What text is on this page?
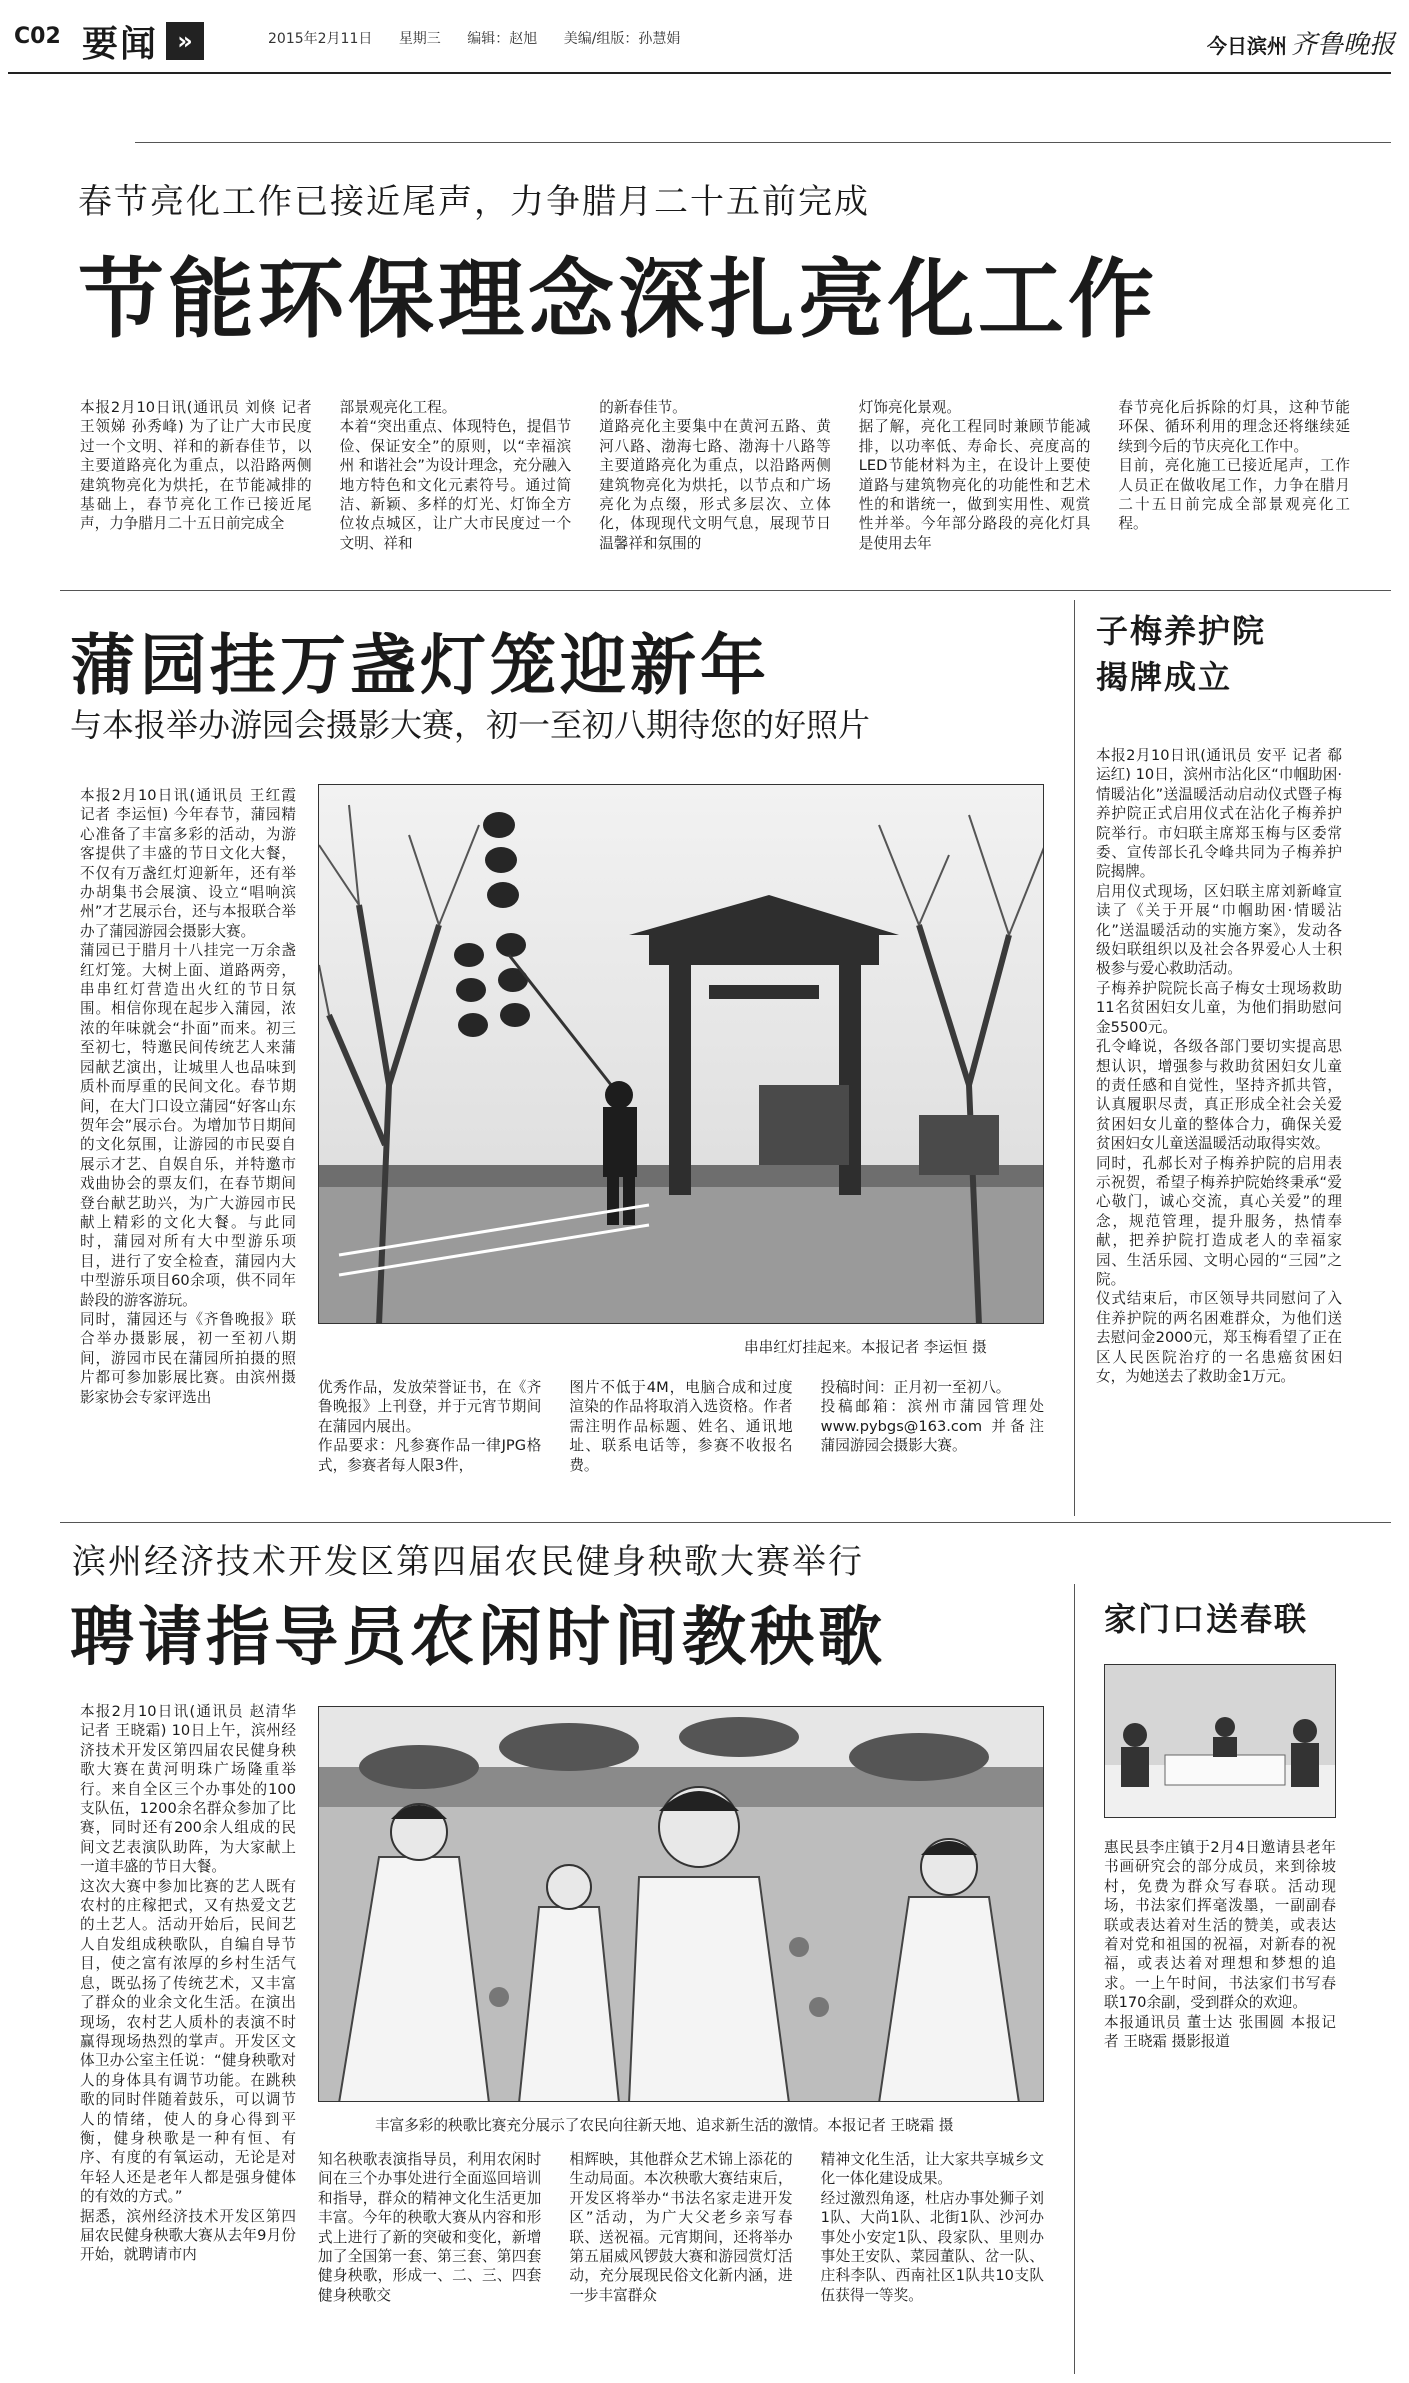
C02 要闻 »	2015年2月11日 星期三 编辑：赵旭 美编/组版：孙慧娟	今日滨州 齐鲁晚报
春节亮化工作已接近尾声，力争腊月二十五前完成
节能环保理念深扎亮化工作
本报2月10日讯(通讯员 刘倏 记者 王领娣 孙秀峰) 为了让广大市民度过一个文明、祥和的新春佳节，以主要道路亮化为重点，以沿路两侧建筑物亮化为烘托，在节能减排的基础上，春节亮化工作已接近尾声，力争腊月二十五日前完成全
部景观亮化工程。
本着“突出重点、体现特色，提倡节俭、保证安全”的原则，以“幸福滨州 和谐社会”为设计理念，充分融入地方特色和文化元素符号。通过简洁、新颖、多样的灯光、灯饰全方位妆点城区，让广大市民度过一个文明、祥和
的新春佳节。
道路亮化主要集中在黄河五路、黄河八路、渤海七路、渤海十八路等主要道路亮化为重点，以沿路两侧建筑物亮化为烘托，以节点和广场亮化为点缀，形式多层次、立体化，体现现代文明气息，展现节日温馨祥和氛围的
灯饰亮化景观。
据了解，亮化工程同时兼顾节能减排，以功率低、寿命长、亮度高的LED节能材料为主，在设计上要使道路与建筑物亮化的功能性和艺术性的和谐统一，做到实用性、观赏性并举。今年部分路段的亮化灯具是使用去年
春节亮化后拆除的灯具，这种节能环保、循环利用的理念还将继续延续到今后的节庆亮化工作中。
目前，亮化施工已接近尾声，工作人员正在做收尾工作，力争在腊月二十五日前完成全部景观亮化工程。
蒲园挂万盏灯笼迎新年
与本报举办游园会摄影大赛，初一至初八期待您的好照片
本报2月10日讯(通讯员 王红霞 记者 李运恒) 今年春节，蒲园精心准备了丰富多彩的活动，为游客提供了丰盛的节日文化大餐，不仅有万盏红灯迎新年，还有举办胡集书会展演、设立“唱响滨州”才艺展示台，还与本报联合举办了蒲园游园会摄影大赛。
蒲园已于腊月十八挂完一万余盏红灯笼。大树上面、道路两旁，串串红灯营造出火红的节日氛围。相信你现在起步入蒲园，浓浓的年味就会“扑面”而来。初三至初七，特邀民间传统艺人来蒲园献艺演出，让城里人也品味到质朴而厚重的民间文化。春节期间，在大门口设立蒲园“好客山东贺年会”展示台。为增加节日期间的文化氛围，让游园的市民耍自展示才艺、自娱自乐，并特邀市戏曲协会的票友们，在春节期间登台献艺助兴，为广大游园市民献上精彩的文化大餐。与此同时，蒲园对所有大中型游乐项目，进行了安全检查，蒲园内大中型游乐项目60余项，供不同年龄段的游客游玩。
同时，蒲园还与《齐鲁晚报》联合举办摄影展，初一至初八期间，游园市民在蒲园所拍摄的照片都可参加影展比赛。由滨州摄影家协会专家评选出
串串红灯挂起来。本报记者 李运恒 摄
优秀作品，发放荣誉证书，在《齐鲁晚报》上刊登，并于元宵节期间在蒲园内展出。
作品要求：凡参赛作品一律JPG格式，参赛者每人限3件，
图片不低于4M，电脑合成和过度渲染的作品将取消入选资格。作者需注明作品标题、姓名、通讯地址、联系电话等，参赛不收报名费。
投稿时间：正月初一至初八。
投稿邮箱：滨州市蒲园管理处 www.pybgs@163.com 并备注蒲园游园会摄影大赛。
子梅养护院揭牌成立
本报2月10日讯(通讯员 安平 记者 郗运红) 10日，滨州市沾化区“巾帼助困·情暖沾化”送温暖活动启动仪式暨子梅养护院正式启用仪式在沾化子梅养护院举行。市妇联主席郑玉梅与区委常委、宣传部长孔令峰共同为子梅养护院揭牌。
启用仪式现场，区妇联主席刘新峰宣读了《关于开展“巾帼助困·情暖沾化”送温暖活动的实施方案》，发动各级妇联组织以及社会各界爱心人士积极参与爱心救助活动。
子梅养护院院长高子梅女士现场救助11名贫困妇女儿童，为他们捐助慰问金5500元。
孔令峰说，各级各部门要切实提高思想认识，增强参与救助贫困妇女儿童的责任感和自觉性，坚持齐抓共管，认真履职尽责，真正形成全社会关爱贫困妇女儿童的整体合力，确保关爱贫困妇女儿童送温暖活动取得实效。
同时，孔郝长对子梅养护院的启用表示祝贺，希望子梅养护院始终秉承“爱心敬门，诚心交流，真心关爱”的理念，规范管理，提升服务，热情奉献，把养护院打造成老人的幸福家园、生活乐园、文明心园的“三园”之院。
仪式结束后，市区领导共同慰问了入住养护院的两名困难群众，为他们送去慰问金2000元，郑玉梅看望了正在区人民医院治疗的一名患癌贫困妇女，为她送去了救助金1万元。
滨州经济技术开发区第四届农民健身秧歌大赛举行
聘请指导员农闲时间教秧歌
本报2月10日讯(通讯员 赵清华 记者 王晓霜) 10日上午，滨州经济技术开发区第四届农民健身秧歌大赛在黄河明珠广场隆重举行。来自全区三个办事处的100支队伍，1200余名群众参加了比赛，同时还有200余人组成的民间文艺表演队助阵，为大家献上一道丰盛的节日大餐。
这次大赛中参加比赛的艺人既有农村的庄稼把式，又有热爱文艺的土艺人。活动开始后，民间艺人自发组成秧歌队，自编自导节目，使之富有浓厚的乡村生活气息，既弘扬了传统艺术，又丰富了群众的业余文化生活。在演出现场，农村艺人质朴的表演不时赢得现场热烈的掌声。开发区文体卫办公室主任说：“健身秧歌对人的身体具有调节功能。在跳秧歌的同时伴随着鼓乐，可以调节人的情绪，使人的身心得到平衡，健身秧歌是一种有恒、有序、有度的有氧运动，无论是对年轻人还是老年人都是强身健体的有效的方式。”
据悉，滨州经济技术开发区第四届农民健身秧歌大赛从去年9月份开始，就聘请市内
丰富多彩的秧歌比赛充分展示了农民向往新天地、追求新生活的激情。本报记者 王晓霜 摄
知名秧歌表演指导员，利用农闲时间在三个办事处进行全面巡回培训和指导，群众的精神文化生活更加丰富。今年的秧歌大赛从内容和形式上进行了新的突破和变化，新增加了全国第一套、第三套、第四套健身秧歌，形成一、二、三、四套健身秧歌交
相辉映，其他群众艺术锦上添花的生动局面。本次秧歌大赛结束后，开发区将举办“书法名家走进开发区”活动，为广大父老乡亲写春联、送祝福。元宵期间，还将举办第五届威风锣鼓大赛和游园赏灯活动，充分展现民俗文化新内涵，进一步丰富群众
精神文化生活，让大家共享城乡文化一体化建设成果。
经过激烈角逐，杜店办事处狮子刘1队、大尚1队、北街1队、沙河办事处小安定1队、段家队、里则办事处王安队、菜园董队、岔一队、庄科李队、西南社区1队共10支队伍获得一等奖。
家门口送春联
惠民县李庄镇于2月4日邀请县老年书画研究会的部分成员，来到徐坡村，免费为群众写春联。活动现场，书法家们挥毫泼墨，一副副春联或表达着对生活的赞美，或表达着对党和祖国的祝福，对新春的祝福，或表达着对理想和梦想的追求。一上午时间，书法家们书写春联170余副，受到群众的欢迎。
本报通讯员 董士达 张围圆 本报记者 王晓霜 摄影报道
